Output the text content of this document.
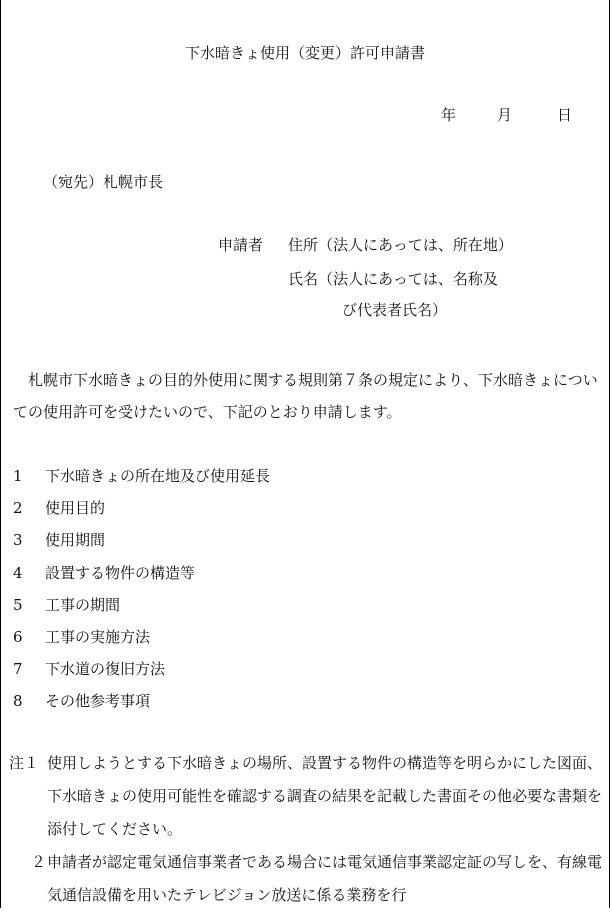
下水暗きょ使用（変更）許可申請書
年	月	日
（宛先）札幌市長
申請者 住所（法人にあっては、所在地）
氏名（法人にあっては、名称及
び代表者氏名）
札幌市下水暗きょの目的外使用に関する規則第７条の規定により、下水暗きょについての使用許可を受けたいので、下記のとおり申請します。
1 下水暗きょの所在地及び使用延長
2 使用目的
3 使用期間
4 設置する物件の構造等
5 工事の期間
6 工事の実施方法
7 下水道の復旧方法
8 その他参考事項
注１ 使用しようとする下水暗きょの場所、設置する物件の構造等を明らかにした図面、下水暗きょの使用可能性を確認する調査の結果を記載した書面その他必要な書類を添付してください。
２ 申請者が認定電気通信事業者である場合には電気通信事業認定証の写しを、有線電気通信設備を用いたテレビジョン放送に係る業務を行
